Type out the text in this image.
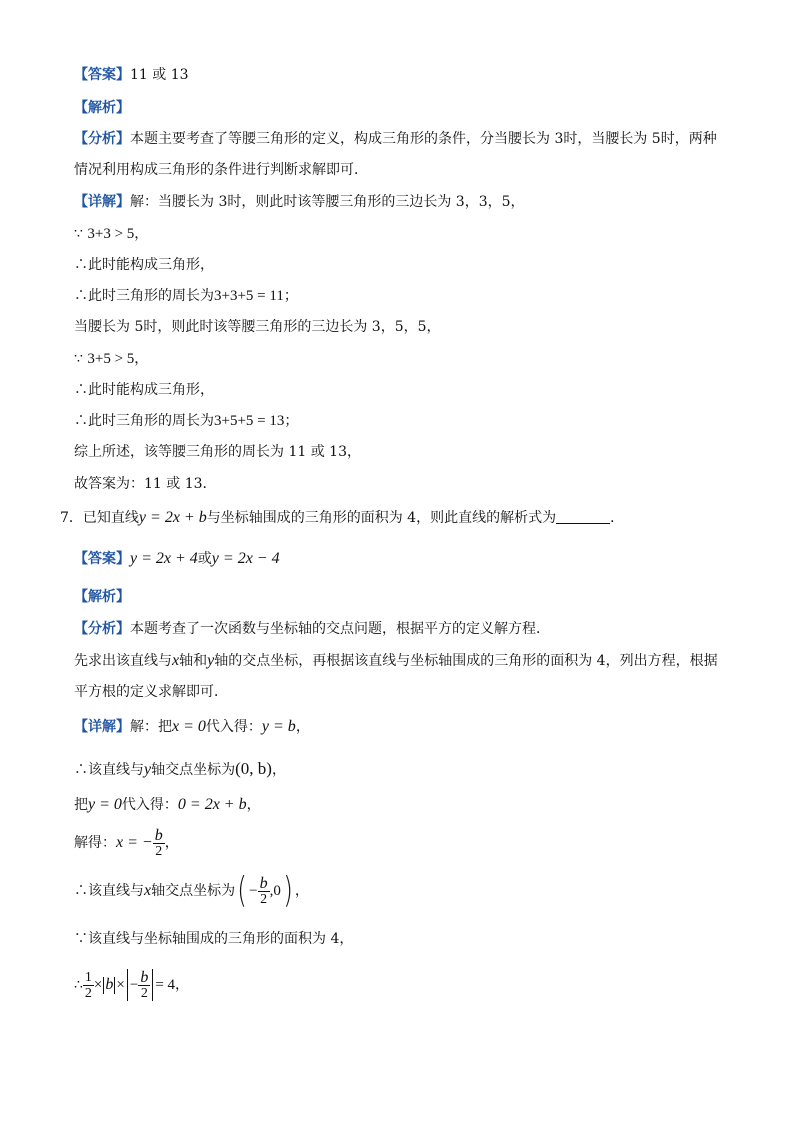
【答案】11 或 13
【解析】
【分析】本题主要考查了等腰三角形的定义，构成三角形的条件，分当腰长为 3时，当腰长为 5时，两种
情况利用构成三角形的条件进行判断求解即可．
【详解】解：当腰长为 3时，则此时该等腰三角形的三边长为 3，3，5，
∵ 3+3 > 5，
∴此时能构成三角形，
∴此时三角形的周长为3+3+5 = 11；
当腰长为 5时，则此时该等腰三角形的三边长为 3，5，5，
∵ 3+5 > 5，
∴此时能构成三角形，
∴此时三角形的周长为3+5+5 = 13；
综上所述，该等腰三角形的周长为 11 或 13，
故答案为：11 或 13．
7．已知直线y = 2x + b与坐标轴围成的三角形的面积为 4，则此直线的解析式为	．
【答案】y = 2x + 4或y = 2x − 4
【解析】
【分析】本题考查了一次函数与坐标轴的交点问题，根据平方的定义解方程．
先求出该直线与x轴和y轴的交点坐标，再根据该直线与坐标轴围成的三角形的面积为 4，列出方程，根据
平方根的定义求解即可．
【详解】解：把x = 0代入得：y = b，
∴该直线与y轴交点坐标为(0, b)，
把y = 0代入得：0 = 2x + b，
解得：x = − $\frac{b}{2}$ ，
∴该直线与x轴交点坐标为( − $\frac{b}{2} ,0$) ，
∵该直线与坐标轴围成的三角形的面积为 4，
∴ $\frac{1}{2} \times b$ × − $\frac{b}{2} = 4$，
